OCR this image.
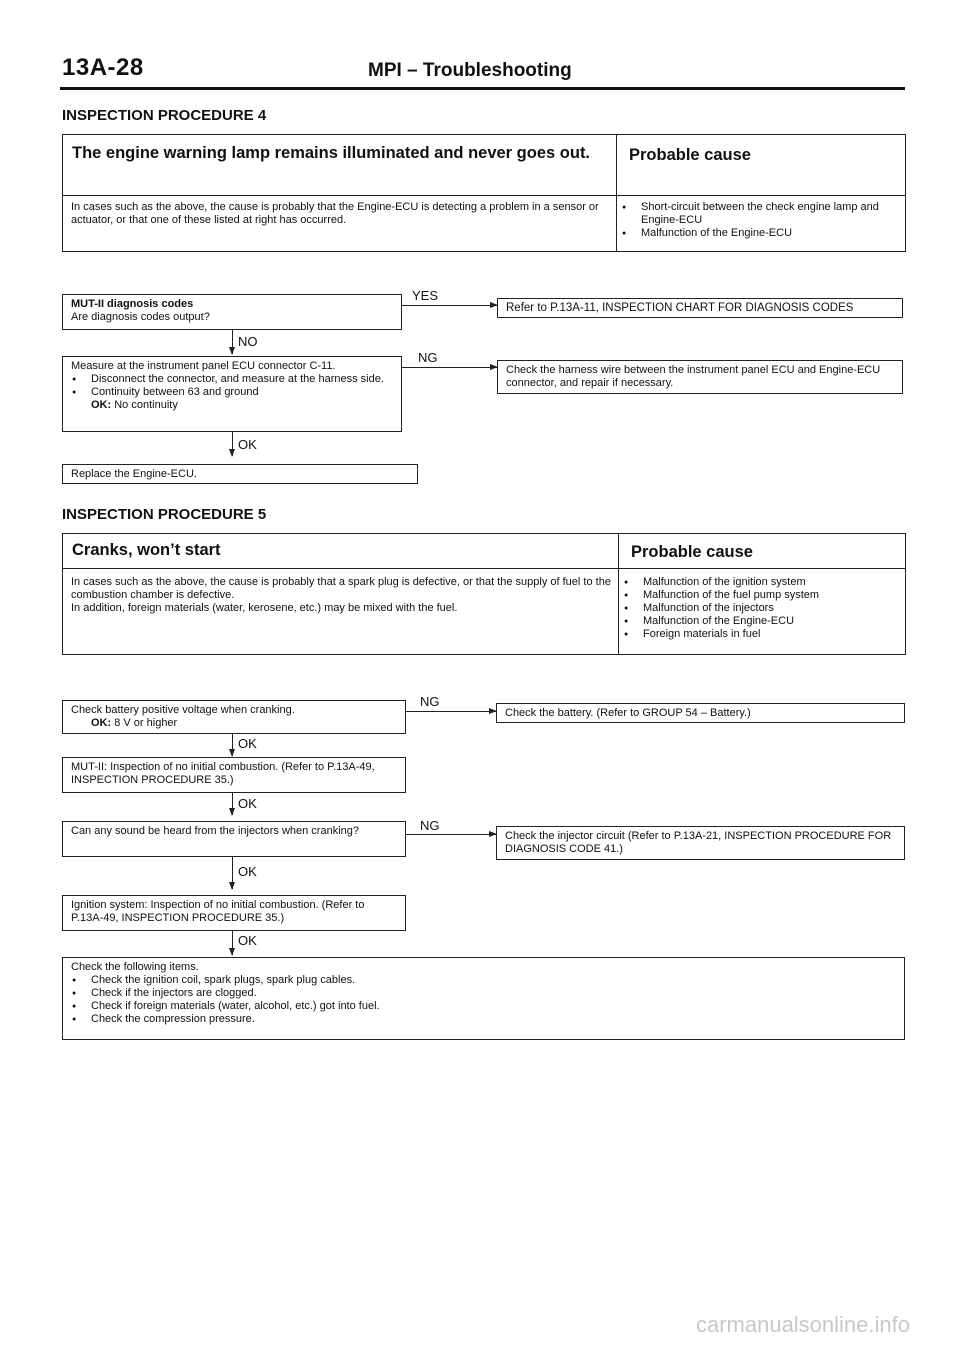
13A-28	MPI – Troubleshooting
INSPECTION PROCEDURE 4
The engine warning lamp remains illuminated and never goes out.	Probable cause
In cases such as the above, the cause is probably that the Engine-ECU is detecting a problem in a sensor or actuator, or that one of these listed at right has occurred.
● Short-circuit between the check engine lamp and Engine-ECU
● Malfunction of the Engine-ECU
MUT-II diagnosis codes
Are diagnosis codes output?
YES
Refer to P.13A-11, INSPECTION CHART FOR DIAGNOSIS CODES
NO
Measure at the instrument panel ECU connector C-11.
● Disconnect the connector, and measure at the harness side.
● Continuity between 63 and ground
OK: No continuity
NG
Check the harness wire between the instrument panel ECU and Engine-ECU connector, and repair if necessary.
OK
Replace the Engine-ECU.
INSPECTION PROCEDURE 5
Cranks, won’t start	Probable cause
In cases such as the above, the cause is probably that a spark plug is defective, or that the supply of fuel to the combustion chamber is defective.
In addition, foreign materials (water, kerosene, etc.) may be mixed with the fuel.
● Malfunction of the ignition system
● Malfunction of the fuel pump system
● Malfunction of the injectors
● Malfunction of the Engine-ECU
● Foreign materials in fuel
Check battery positive voltage when cranking.
OK: 8 V or higher
NG
Check the battery. (Refer to GROUP 54 – Battery.)
OK
MUT-II: Inspection of no initial combustion. (Refer to P.13A-49, INSPECTION PROCEDURE 35.)
OK
Can any sound be heard from the injectors when cranking?	NG
Check the injector circuit (Refer to P.13A-21, INSPECTION PROCEDURE FOR DIAGNOSIS CODE 41.)
OK
Ignition system: Inspection of no initial combustion. (Refer to P.13A-49, INSPECTION PROCEDURE 35.)
OK
Check the following items.
● Check the ignition coil, spark plugs, spark plug cables.
● Check if the injectors are clogged.
● Check if foreign materials (water, alcohol, etc.) got into fuel.
● Check the compression pressure.
carmanualsonline.info
